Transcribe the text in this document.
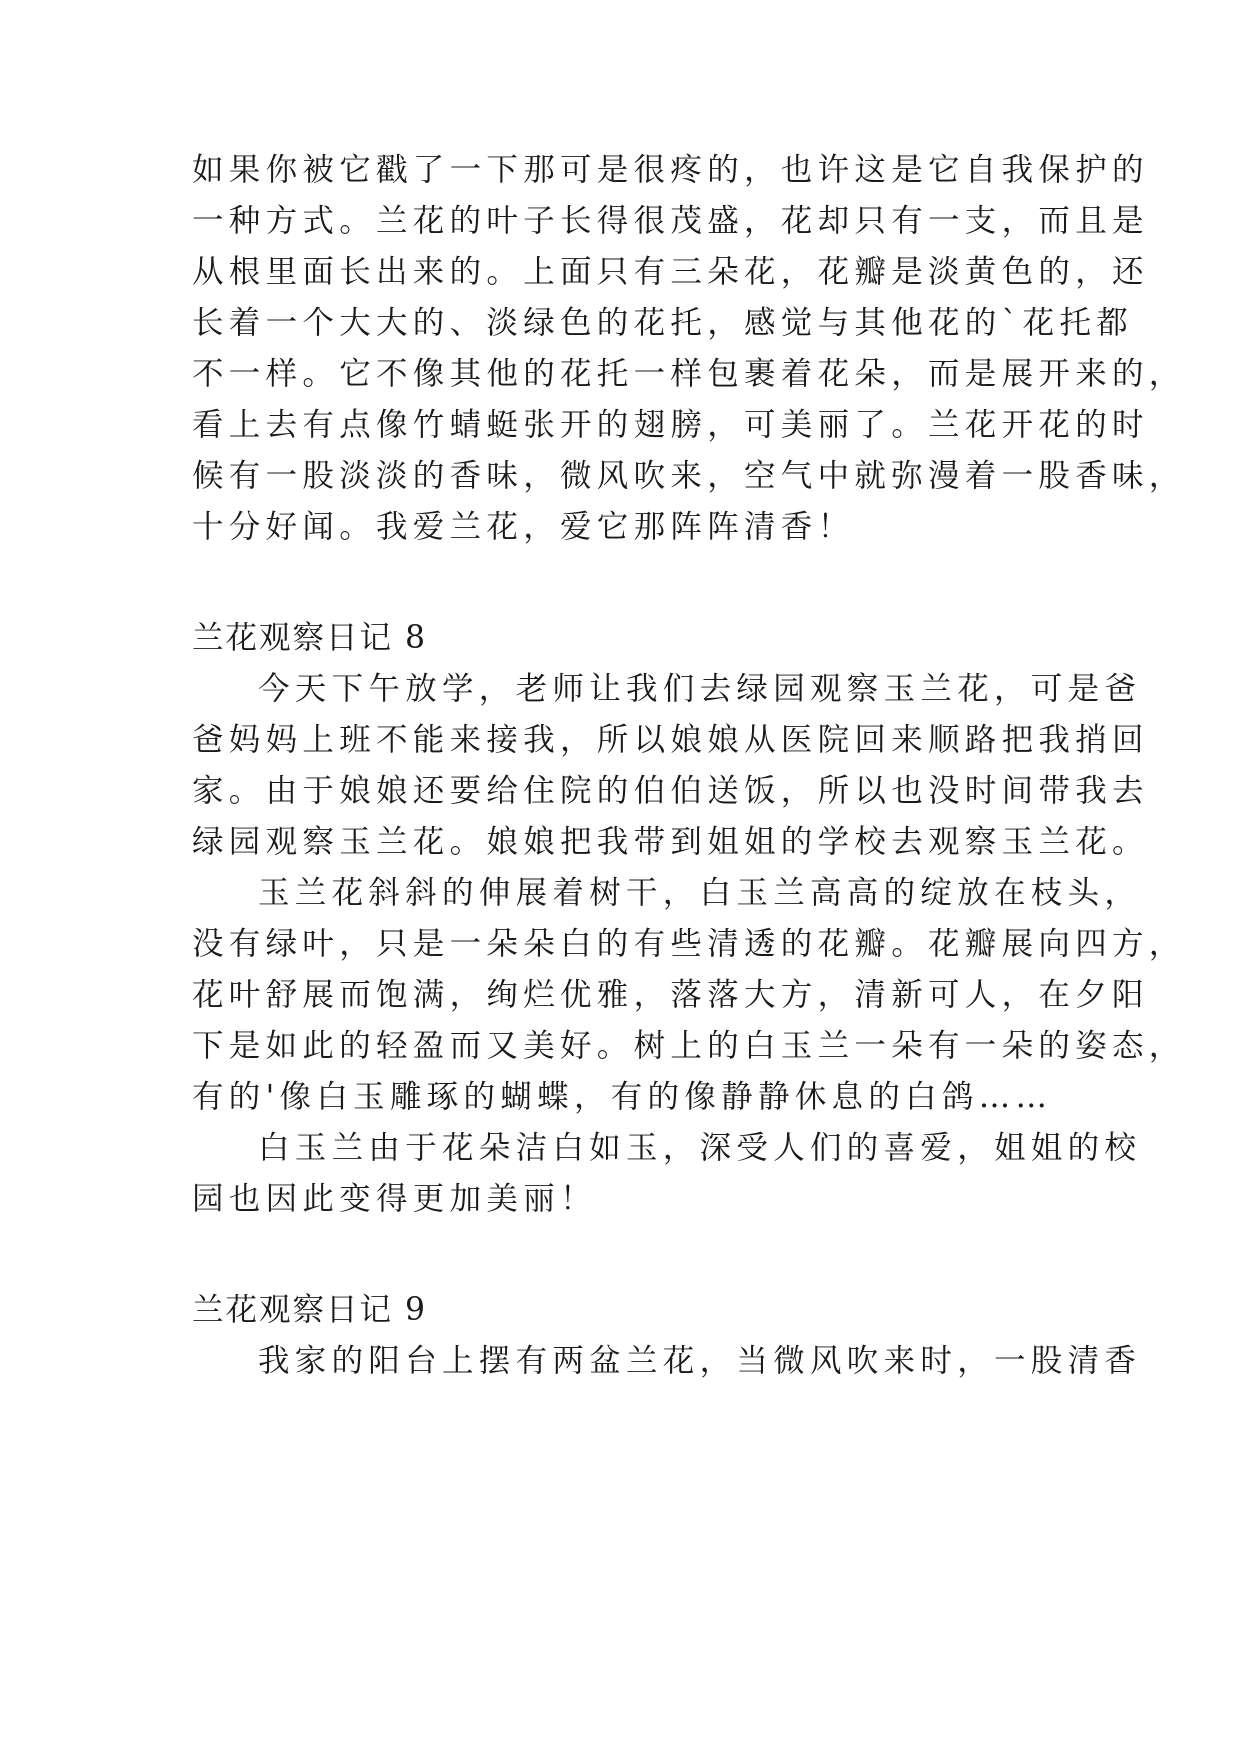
如果你被它戳了一下那可是很疼的，也许这是它自我保护的
一种方式。兰花的叶子长得很茂盛，花却只有一支，而且是
从根里面长出来的。上面只有三朵花，花瓣是淡黄色的，还
长着一个大大的、淡绿色的花托，感觉与其他花的`花托都
不一样。它不像其他的花托一样包裹着花朵，而是展开来的，
看上去有点像竹蜻蜓张开的翅膀，可美丽了。兰花开花的时
候有一股淡淡的香味，微风吹来，空气中就弥漫着一股香味，
十分好闻。我爱兰花，爱它那阵阵清香！
兰花观察日记 8
今天下午放学，老师让我们去绿园观察玉兰花，可是爸
爸妈妈上班不能来接我，所以娘娘从医院回来顺路把我捎回
家。由于娘娘还要给住院的伯伯送饭，所以也没时间带我去
绿园观察玉兰花。娘娘把我带到姐姐的学校去观察玉兰花。
玉兰花斜斜的伸展着树干，白玉兰高高的绽放在枝头，
没有绿叶，只是一朵朵白的有些清透的花瓣。花瓣展向四方，
花叶舒展而饱满，绚烂优雅，落落大方，清新可人，在夕阳
下是如此的轻盈而又美好。树上的白玉兰一朵有一朵的姿态，
有的'像白玉雕琢的蝴蝶，有的像静静休息的白鸽……
白玉兰由于花朵洁白如玉，深受人们的喜爱，姐姐的校
园也因此变得更加美丽！
兰花观察日记 9
我家的阳台上摆有两盆兰花，当微风吹来时，一股清香
